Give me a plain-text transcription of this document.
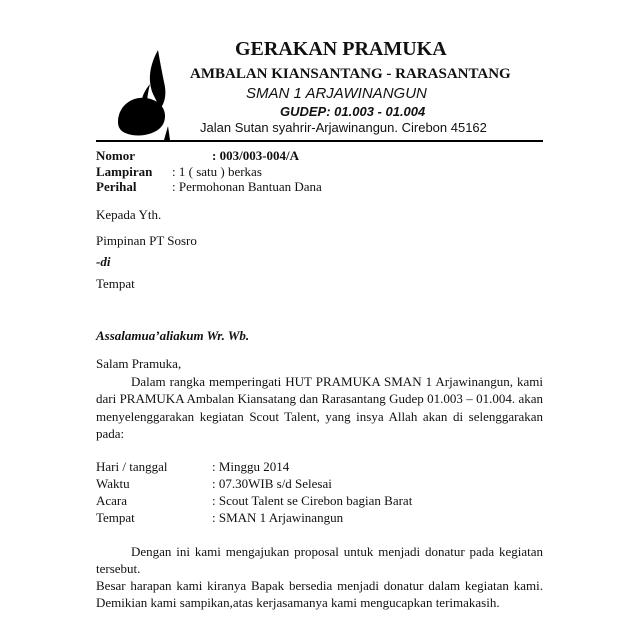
GERAKAN PRAMUKA
AMBALAN KIANSANTANG - RARASANTANG
SMAN 1 ARJAWINANGUN
GUDEP: 01.003 - 01.004
Jalan Sutan syahrir-Arjawinangun. Cirebon 45162
Nomor	: 003/003-004/A
Lampiran : 1 ( satu ) berkas
Perihal	: Permohonan Bantuan Dana
Kepada Yth.
Pimpinan PT Sosro
-di
Tempat
Assalamua’aliakum Wr. Wb.
Salam Pramuka,
Dalam rangka memperingati HUT PRAMUKA SMAN 1 Arjawinangun, kami
dari PRAMUKA Ambalan Kiansatang dan Rarasantang Gudep 01.003 – 01.004. akan
menyelenggarakan kegiatan Scout Talent, yang insya Allah akan di selenggarakan
pada:
Hari / tanggal	: Minggu 2014
Waktu	: 07.30WIB s/d Selesai
Acara	: Scout Talent se Cirebon bagian Barat
Tempat	: SMAN 1 Arjawinangun
Dengan ini kami mengajukan proposal untuk menjadi donatur pada kegiatan
tersebut.
Besar harapan kami kiranya Bapak bersedia menjadi donatur dalam kegiatan kami.
Demikian kami sampikan,atas kerjasamanya kami mengucapkan terimakasih.
